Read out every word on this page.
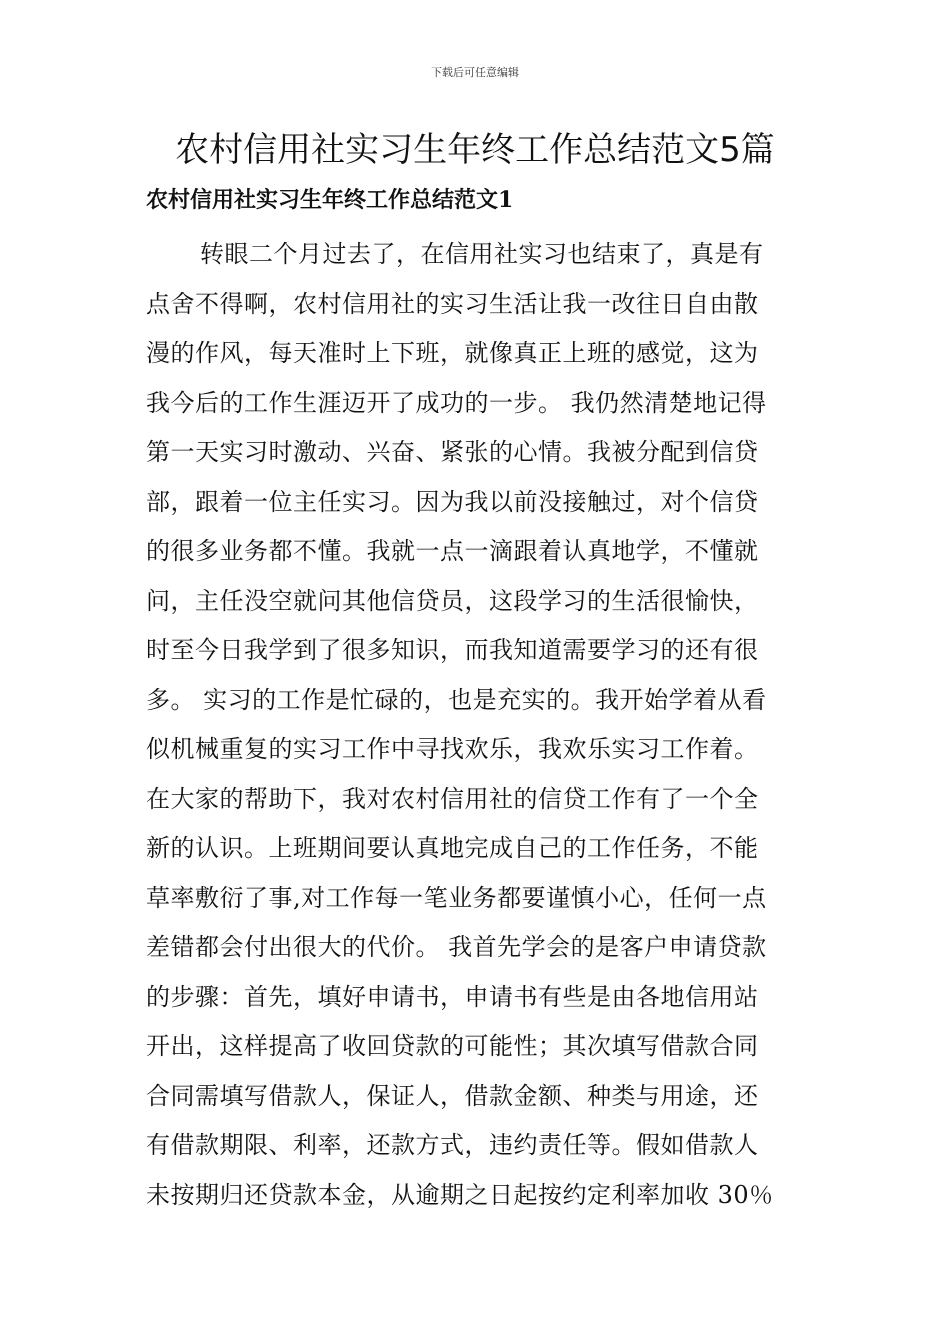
下载后可任意编辑
农村信用社实习生年终工作总结范文5篇
农村信用社实习生年终工作总结范文1
转眼二个月过去了，在信用社实习也结束了，真是有
点舍不得啊，农村信用社的实习生活让我一改往日自由散
漫的作风，每天准时上下班，就像真正上班的感觉，这为
我今后的工作生涯迈开了成功的一步。 我仍然清楚地记得
第一天实习时激动、兴奋、紧张的心情。我被分配到信贷
部，跟着一位主任实习。因为我以前没接触过，对个信贷
的很多业务都不懂。我就一点一滴跟着认真地学，不懂就
问，主任没空就问其他信贷员，这段学习的生活很愉快，
时至今日我学到了很多知识，而我知道需要学习的还有很
多。 实习的工作是忙碌的，也是充实的。我开始学着从看
似机械重复的实习工作中寻找欢乐，我欢乐实习工作着。
在大家的帮助下，我对农村信用社的信贷工作有了一个全
新的认识。上班期间要认真地完成自己的工作任务，不能
草率敷衍了事,对工作每一笔业务都要谨慎小心，任何一点
差错都会付出很大的代价。 我首先学会的是客户申请贷款
的步骤：首先，填好申请书，申请书有些是由各地信用站
开出，这样提高了收回贷款的可能性；其次填写借款合同
合同需填写借款人，保证人，借款金额、种类与用途，还
有借款期限、利率，还款方式，违约责任等。假如借款人
未按期归还贷款本金，从逾期之日起按约定利率加收 30％
